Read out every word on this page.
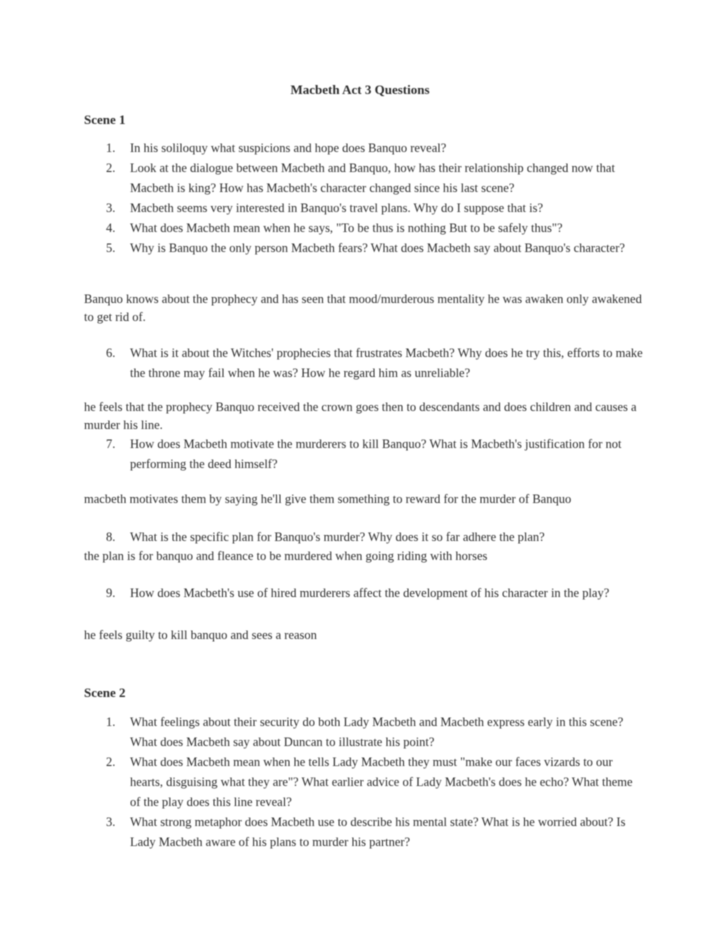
Macbeth Act 3 Questions
Scene 1
1. In his soliloquy what suspicions and hope does Banquo reveal?
2. Look at the dialogue between Macbeth and Banquo, how has their relationship changed now that Macbeth is king? How has Macbeth's character changed since his last scene?
3. Macbeth seems very interested in Banquo's travel plans. Why do I suppose that is?
4. What does Macbeth mean when he says, "To be thus is nothing But to be safely thus"?
5. Why is Banquo the only person Macbeth fears? What does Macbeth say about Banquo's character?
Banquo knows about the prophecy and has seen that mood/murderous mentality he was awaken only awakened to get rid of.
6. What is it about the Witches' prophecies that frustrates Macbeth? Why does he try this, efforts to make the throne may fail when he was? How he regard him as unreliable?
he feels that the prophecy Banquo received the crown goes then to descendants and does children and causes a murder his line.
7. How does Macbeth motivate the murderers to kill Banquo? What is Macbeth's justification for not performing the deed himself?
macbeth motivates them by saying he'll give them something to reward for the murder of Banquo
8. What is the specific plan for Banquo's murder? Why does it so far adhere the plan?
the plan is for banquo and fleance to be murdered when going riding with horses
9. How does Macbeth's use of hired murderers affect the development of his character in the play?
he feels guilty to kill banquo and sees a reason
Scene 2
1. What feelings about their security do both Lady Macbeth and Macbeth express early in this scene? What does Macbeth say about Duncan to illustrate his point?
2. What does Macbeth mean when he tells Lady Macbeth they must "make our faces vizards to our hearts, disguising what they are"? What earlier advice of Lady Macbeth's does he echo? What theme of the play does this line reveal?
3. What strong metaphor does Macbeth use to describe his mental state? What is he worried about? Is Lady Macbeth aware of his plans to murder his partner?
